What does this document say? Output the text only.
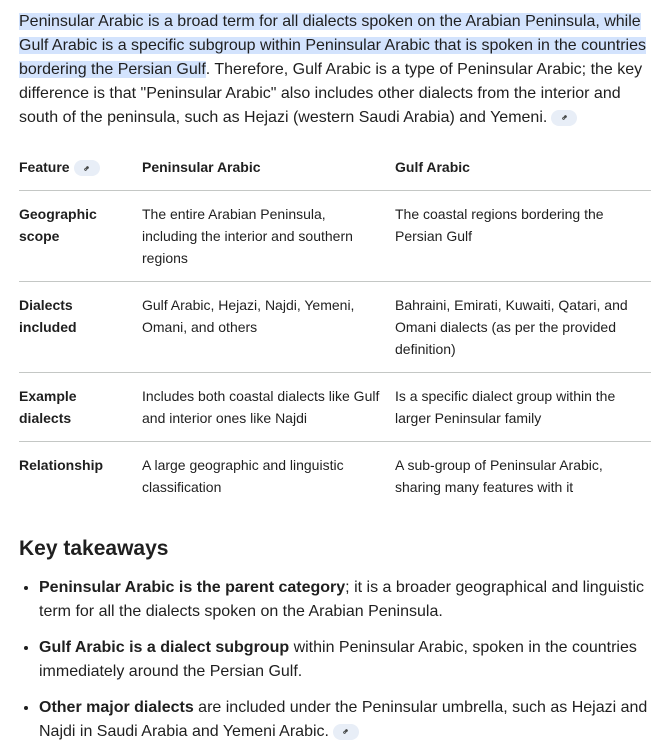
Peninsular Arabic is a broad term for all dialects spoken on the Arabian Peninsula, while Gulf Arabic is a specific subgroup within Peninsular Arabic that is spoken in the countries bordering the Persian Gulf. Therefore, Gulf Arabic is a type of Peninsular Arabic; the key difference is that "Peninsular Arabic" also includes other dialects from the interior and south of the peninsula, such as Hejazi (western Saudi Arabia) and Yemeni.

Feature	Peninsular Arabic	Gulf Arabic
Geographic scope	The entire Arabian Peninsula, including the interior and southern regions	The coastal regions bordering the Persian Gulf
Dialects included	Gulf Arabic, Hejazi, Najdi, Yemeni, Omani, and others	Bahraini, Emirati, Kuwaiti, Qatari, and Omani dialects (as per the provided definition)
Example dialects	Includes both coastal dialects like Gulf and interior ones like Najdi	Is a specific dialect group within the larger Peninsular family
Relationship	A large geographic and linguistic classification	A sub-group of Peninsular Arabic, sharing many features with it
Key takeaways
• Peninsular Arabic is the parent category; it is a broader geographical and linguistic term for all the dialects spoken on the Arabian Peninsula.
• Gulf Arabic is a dialect subgroup within Peninsular Arabic, spoken in the countries immediately around the Persian Gulf.
• Other major dialects are included under the Peninsular umbrella, such as Hejazi and Najdi in Saudi Arabia and Yemeni Arabic.
